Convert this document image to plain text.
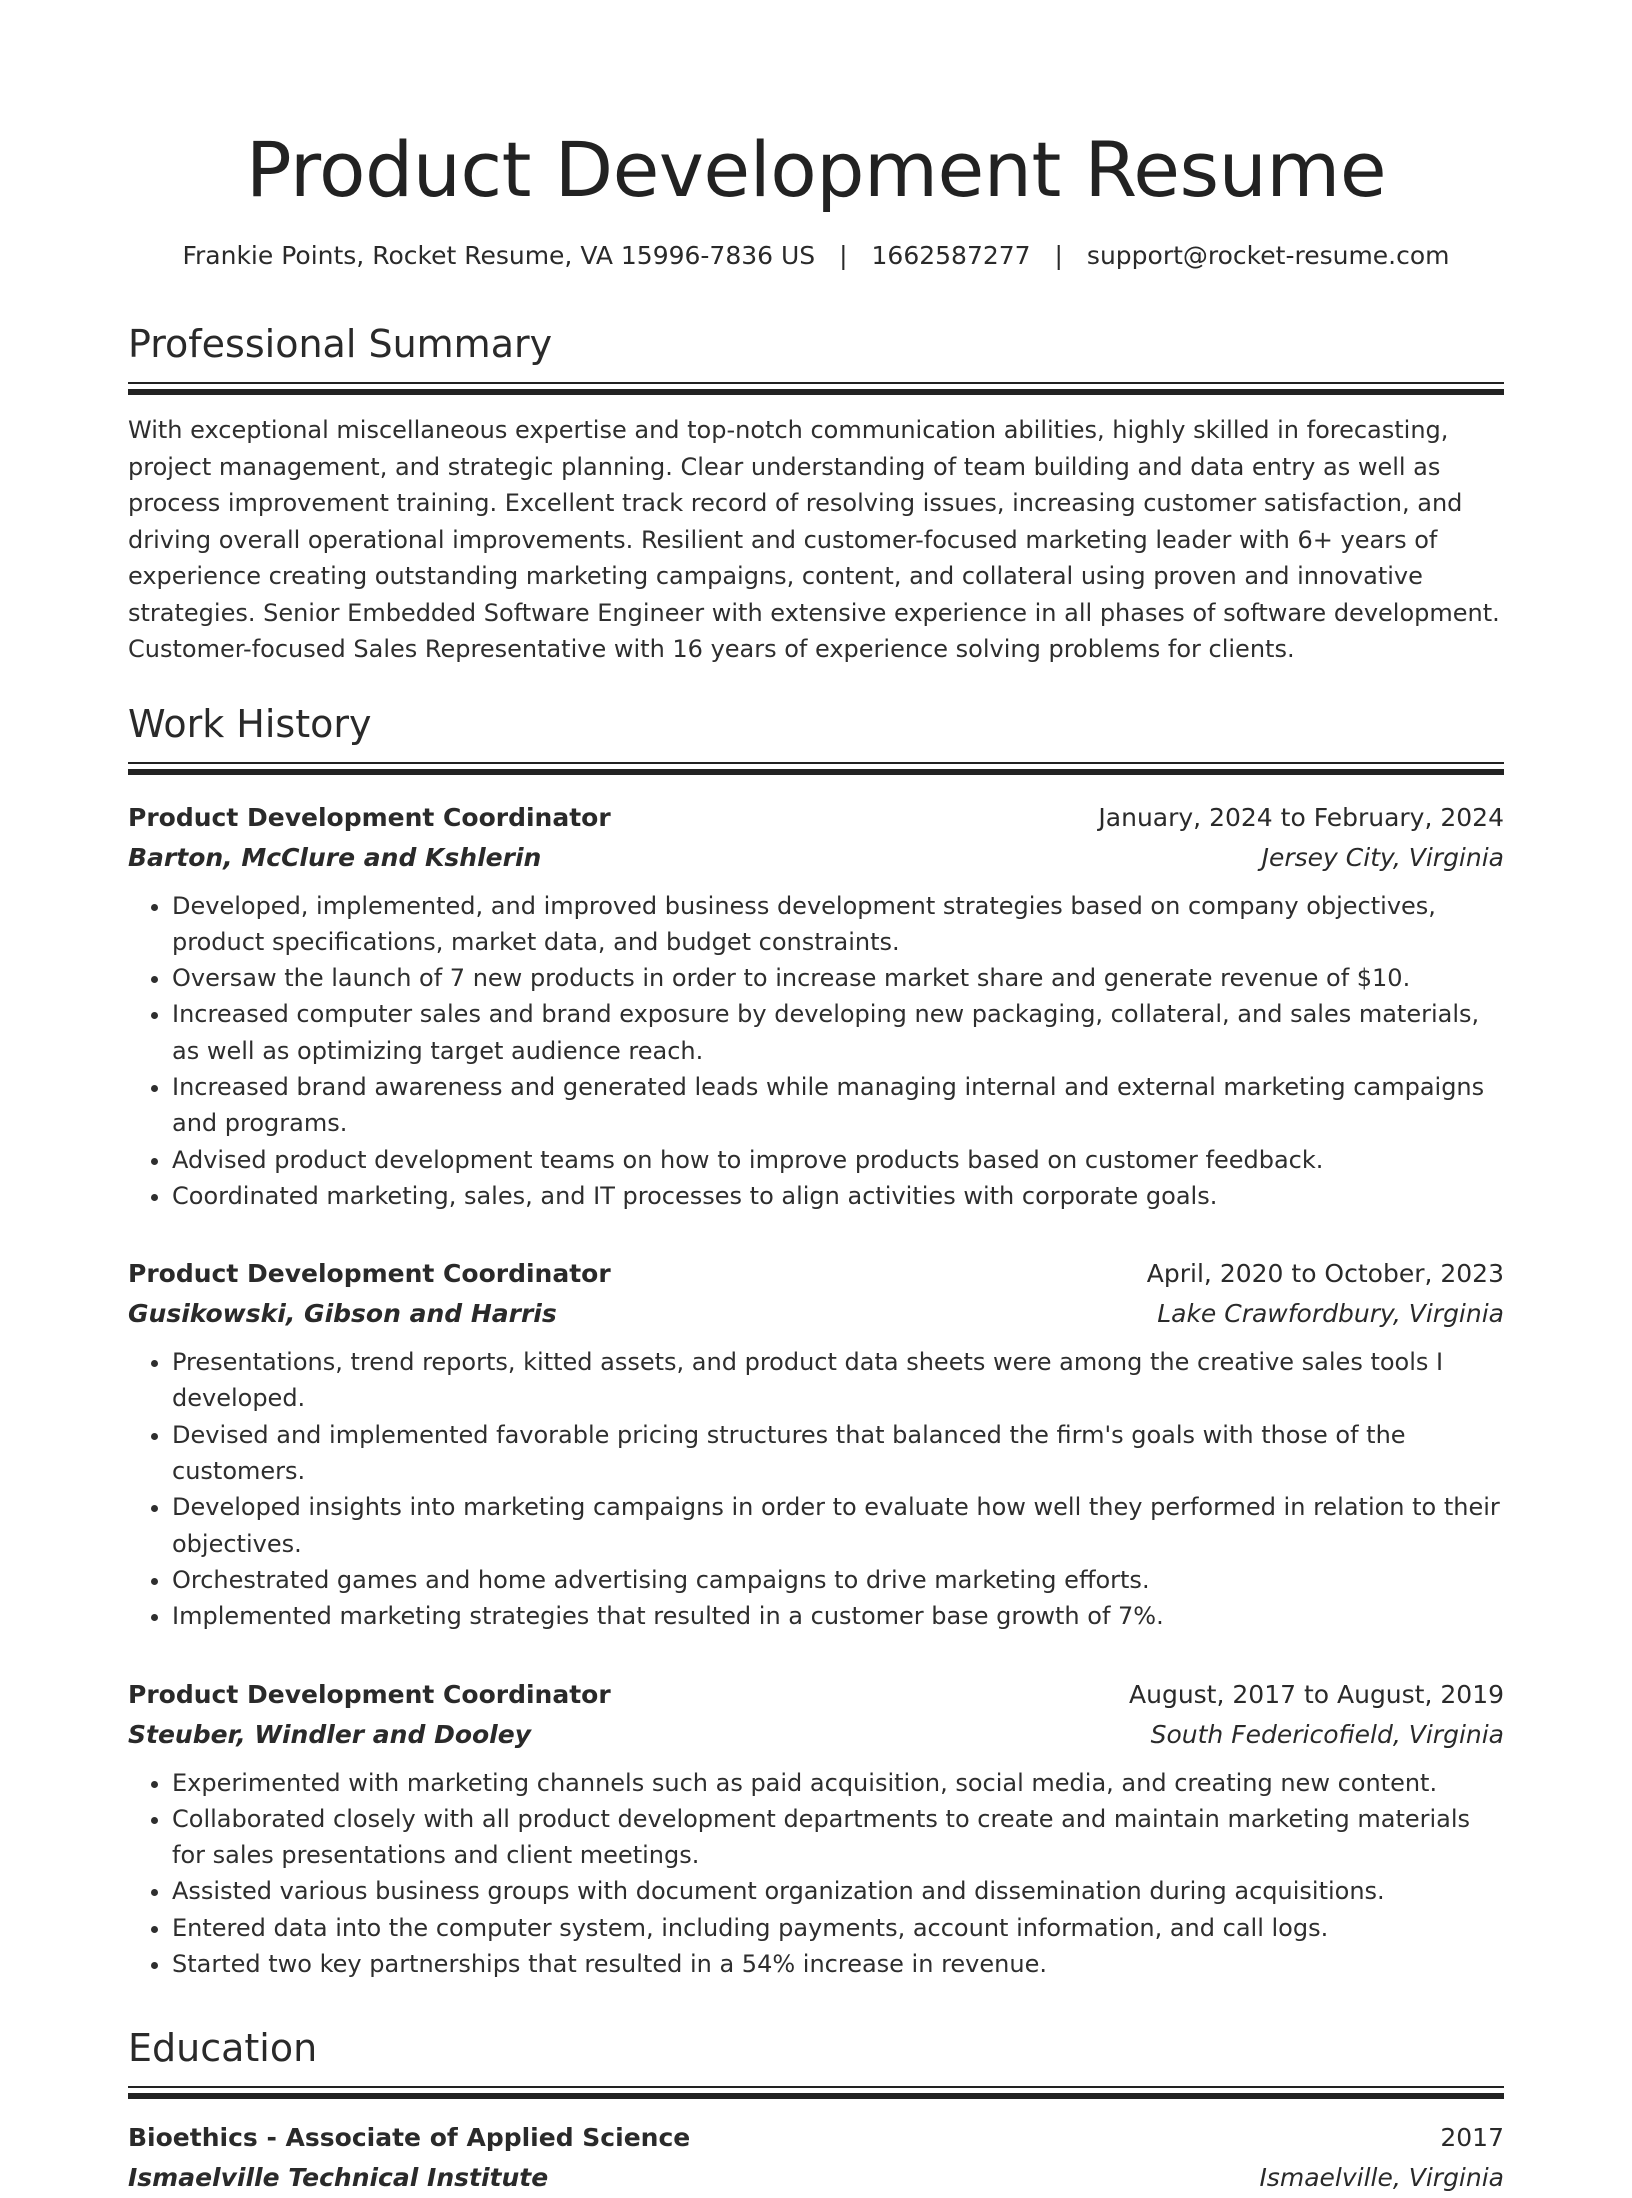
Product Development Resume
Frankie Points, Rocket Resume, VA 15996-7836 US | 1662587277 | support@rocket-resume.com
Professional Summary

With exceptional miscellaneous expertise and top-notch communication abilities, highly skilled in forecasting, project management, and strategic planning. Clear understanding of team building and data entry as well as process improvement training. Excellent track record of resolving issues, increasing customer satisfaction, and driving overall operational improvements. Resilient and customer-focused marketing leader with 6+ years of experience creating outstanding marketing campaigns, content, and collateral using proven and innovative strategies. Senior Embedded Software Engineer with extensive experience in all phases of software development. Customer-focused Sales Representative with 16 years of experience solving problems for clients.

Work History
Product Development Coordinator	January, 2024 to February, 2024
Barton, McClure and Kshlerin	Jersey City, Virginia
• Developed, implemented, and improved business development strategies based on company objectives, product specifications, market data, and budget constraints.
• Oversaw the launch of 7 new products in order to increase market share and generate revenue of $10.
• Increased computer sales and brand exposure by developing new packaging, collateral, and sales materials, as well as optimizing target audience reach.
• Increased brand awareness and generated leads while managing internal and external marketing campaigns and programs.
• Advised product development teams on how to improve products based on customer feedback.
• Coordinated marketing, sales, and IT processes to align activities with corporate goals.
Product Development Coordinator	April, 2020 to October, 2023
Gusikowski, Gibson and Harris	Lake Crawfordbury, Virginia
• Presentations, trend reports, kitted assets, and product data sheets were among the creative sales tools I developed.
• Devised and implemented favorable pricing structures that balanced the firm's goals with those of the customers.
• Developed insights into marketing campaigns in order to evaluate how well they performed in relation to their objectives.
• Orchestrated games and home advertising campaigns to drive marketing efforts.
• Implemented marketing strategies that resulted in a customer base growth of 7%.
Product Development Coordinator	August, 2017 to August, 2019
Steuber, Windler and Dooley	South Federicofield, Virginia
• Experimented with marketing channels such as paid acquisition, social media, and creating new content.
• Collaborated closely with all product development departments to create and maintain marketing materials for sales presentations and client meetings.
• Assisted various business groups with document organization and dissemination during acquisitions.
• Entered data into the computer system, including payments, account information, and call logs.
• Started two key partnerships that resulted in a 54% increase in revenue.
Education
Bioethics - Associate of Applied Science	2017
Ismaelville Technical Institute	Ismaelville, Virginia
